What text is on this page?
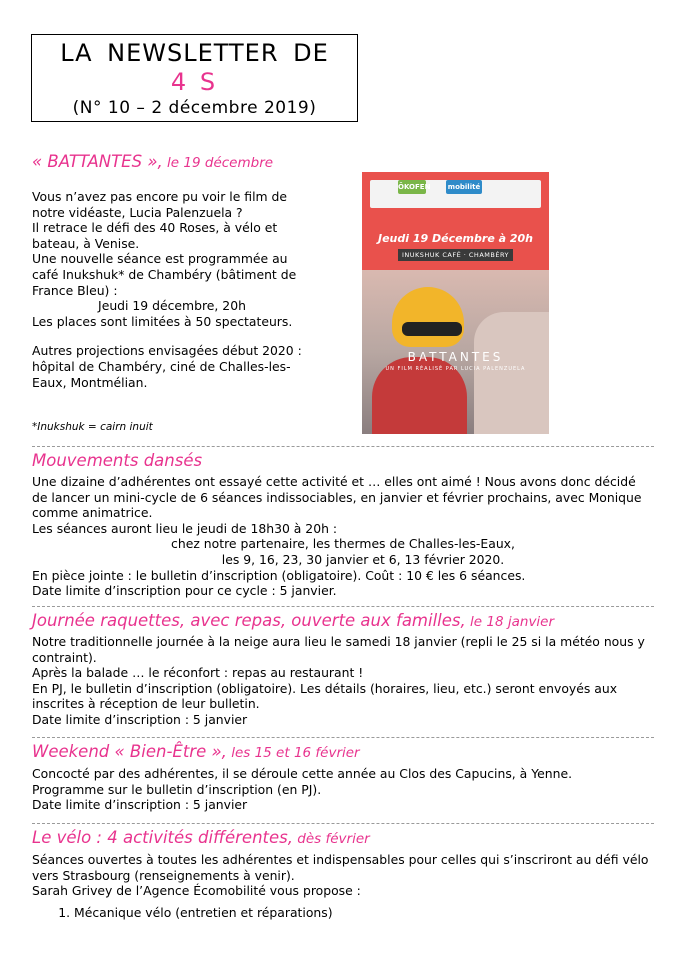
LA NEWSLETTER DE
4 S
(N° 10 – 2 décembre 2019)
« BATTANTES », le 19 décembre

Vous n’avez pas encore pu voir le film de notre vidéaste, Lucia Palenzuela ?

Il retrace le défi des 40 Roses, à vélo et bateau, à Venise.

Une nouvelle séance est programmée au café Inukshuk* de Chambéry (bâtiment de France Bleu) :

Jeudi 19 décembre, 20h

Les places sont limitées à 50 spectateurs.

Autres projections envisagées début 2020 : hôpital de Chambéry, ciné de Challes-les-Eaux, Montmélian.

*Inukshuk = cairn inuit
ÖKOFEN mobilité
Jeudi 19 Décembre à 20h
INUKSHUK CAFÉ · CHAMBÉRY
BATTANTES
UN FILM RÉALISÉ PAR LUCIA PALENZUELA
Mouvements dansés

Une dizaine d’adhérentes ont essayé cette activité et … elles ont aimé ! Nous avons donc décidé de lancer un mini-cycle de 6 séances indissociables, en janvier et février prochains, avec Monique comme animatrice.

Les séances auront lieu le jeudi de 18h30 à 20h :

chez notre partenaire, les thermes de Challes-les-Eaux,

les 9, 16, 23, 30 janvier et 6, 13 février 2020.

En pièce jointe : le bulletin d’inscription (obligatoire). Coût : 10 € les 6 séances.

Date limite d’inscription pour ce cycle : 5 janvier.

Journée raquettes, avec repas, ouverte aux familles, le 18 janvier

Notre traditionnelle journée à la neige aura lieu le samedi 18 janvier (repli le 25 si la météo nous y contraint).

Après la balade … le réconfort : repas au restaurant !

En PJ, le bulletin d’inscription (obligatoire). Les détails (horaires, lieu, etc.) seront envoyés aux inscrites à réception de leur bulletin.

Date limite d’inscription : 5 janvier

Weekend « Bien-Être », les 15 et 16 février

Concocté par des adhérentes, il se déroule cette année au Clos des Capucins, à Yenne.

Programme sur le bulletin d’inscription (en PJ).

Date limite d’inscription : 5 janvier

Le vélo : 4 activités différentes, dès février

Séances ouvertes à toutes les adhérentes et indispensables pour celles qui s’inscriront au défi vélo vers Strasbourg (renseignements à venir).

Sarah Grivey de l’Agence Écomobilité vous propose :

1. Mécanique vélo (entretien et réparations)
